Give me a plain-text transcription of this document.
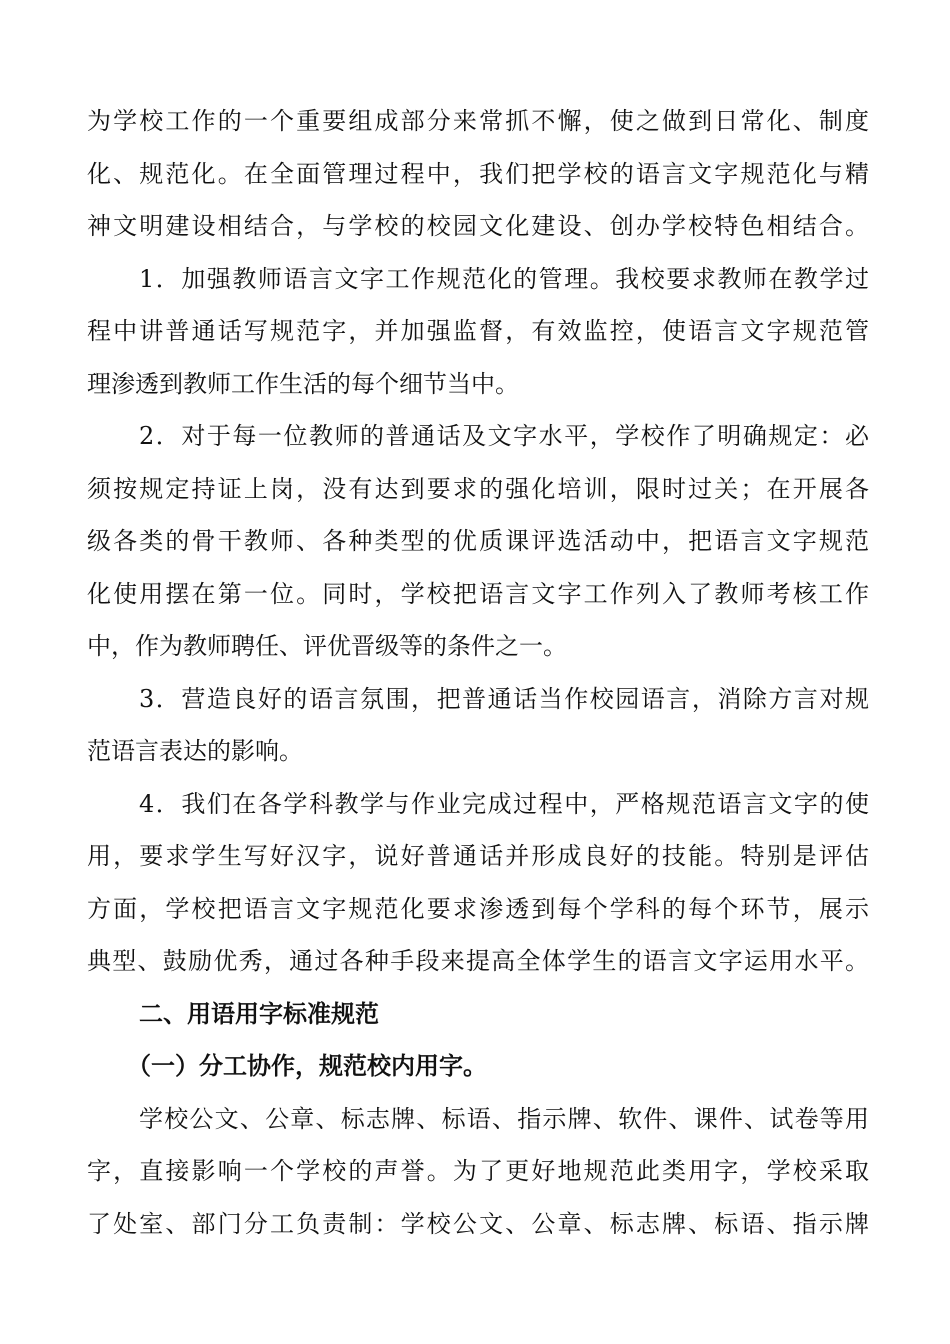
为学校工作的一个重要组成部分来常抓不懈，使之做到日常化、制度
化、规范化。在全面管理过程中，我们把学校的语言文字规范化与精
神文明建设相结合，与学校的校园文化建设、创办学校特色相结合。
1．加强教师语言文字工作规范化的管理。我校要求教师在教学过
程中讲普通话写规范字，并加强监督，有效监控，使语言文字规范管
理渗透到教师工作生活的每个细节当中。
2．对于每一位教师的普通话及文字水平，学校作了明确规定：必
须按规定持证上岗，没有达到要求的强化培训，限时过关；在开展各
级各类的骨干教师、各种类型的优质课评选活动中，把语言文字规范
化使用摆在第一位。同时，学校把语言文字工作列入了教师考核工作
中，作为教师聘任、评优晋级等的条件之一。
3．营造良好的语言氛围，把普通话当作校园语言，消除方言对规
范语言表达的影响。
4．我们在各学科教学与作业完成过程中，严格规范语言文字的使
用，要求学生写好汉字，说好普通话并形成良好的技能。特别是评估
方面，学校把语言文字规范化要求渗透到每个学科的每个环节，展示
典型、鼓励优秀，通过各种手段来提高全体学生的语言文字运用水平。
二、用语用字标准规范
（一）分工协作，规范校内用字。
学校公文、公章、标志牌、标语、指示牌、软件、课件、试卷等用
字，直接影响一个学校的声誉。为了更好地规范此类用字，学校采取
了处室、部门分工负责制：学校公文、公章、标志牌、标语、指示牌
